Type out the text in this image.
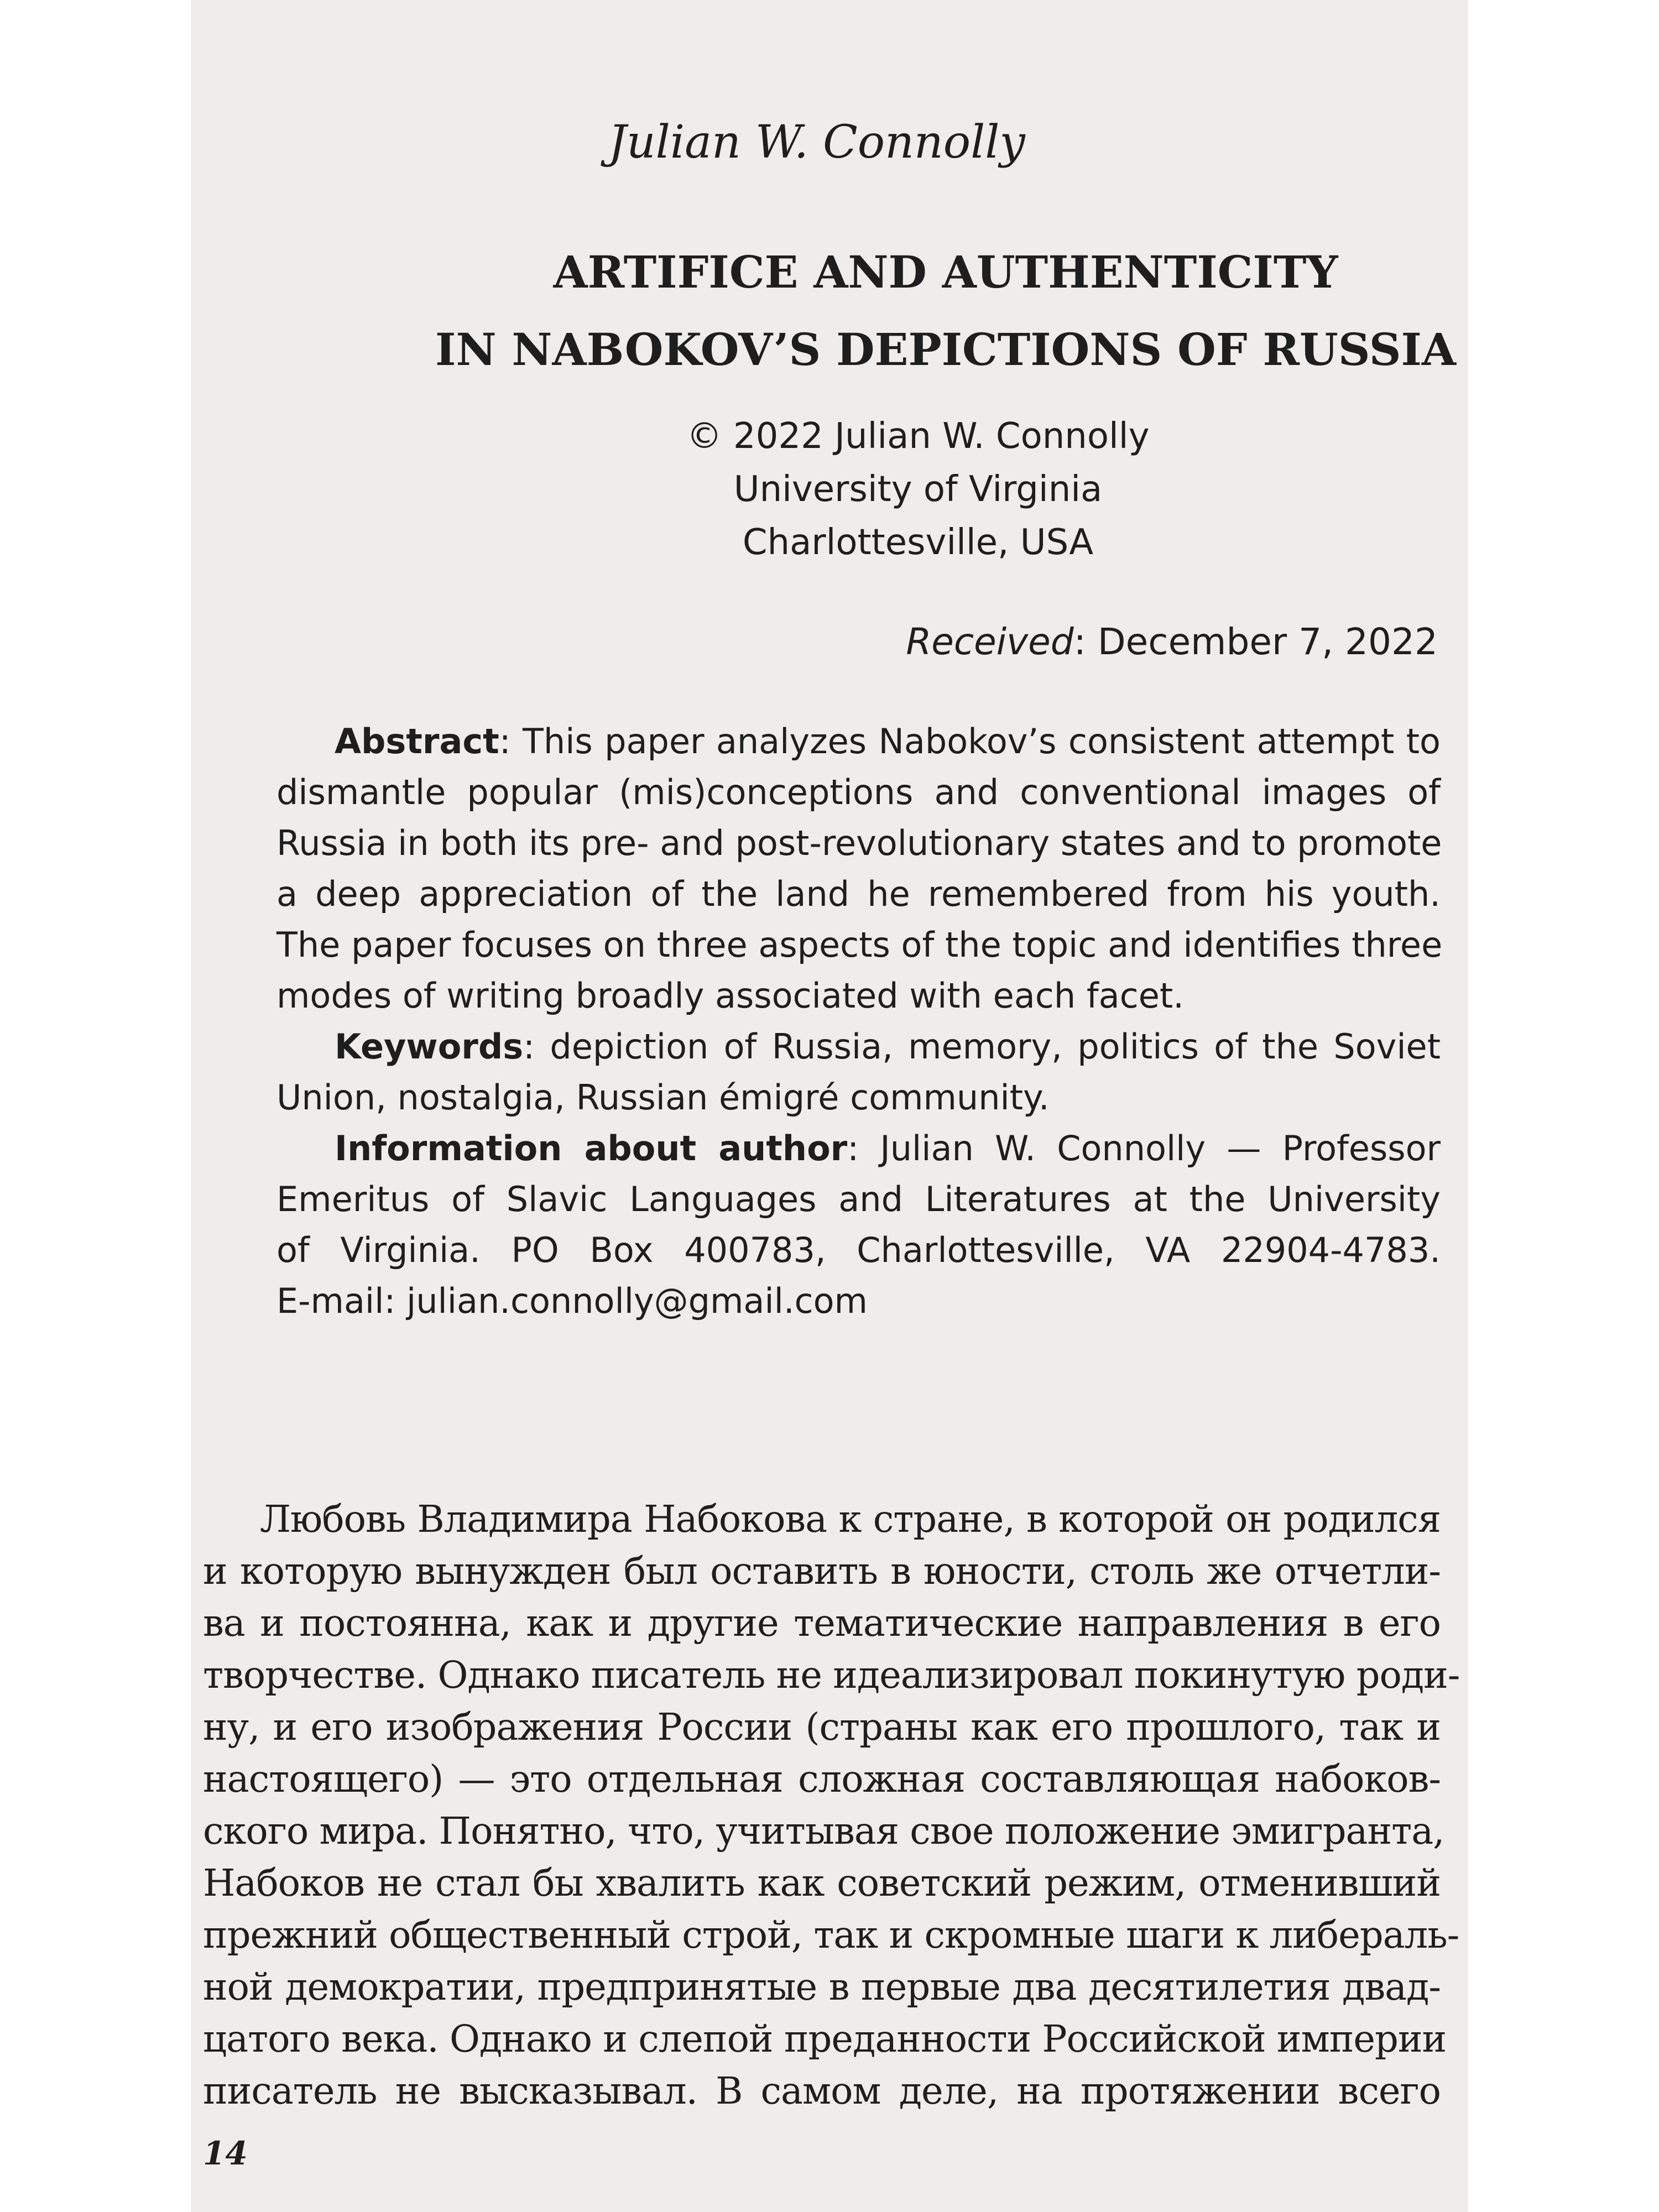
Julian W. Connolly
ARTIFICE AND AUTHENTICITY
IN NABOKOV’S DEPICTIONS OF RUSSIA
© 2022 Julian W. Connolly
University of Virginia
Charlottesville, USA
Received: December 7, 2022
Abstract: This paper analyzes Nabokov’s consistent attempt to
dismantle popular (mis)conceptions and conventional images of
Russia in both its pre- and post-revolutionary states and to promote
a deep appreciation of the land he remembered from his youth.
The paper focuses on three aspects of the topic and identifies three
modes of writing broadly associated with each facet.
Keywords: depiction of Russia, memory, politics of the Soviet
Union, nostalgia, Russian émigré community.
Information about author: Julian W. Connolly — Professor
Emeritus of Slavic Languages and Literatures at the University
of Virginia. PO Box 400783, Charlottesville, VA 22904-4783.
E-mail: julian.connolly@gmail.com
Любовь Владимира Набокова к стране, в которой он родился
и которую вынужден был оставить в юности, столь же отчетли-
ва и постоянна, как и другие тематические направления в его
творчестве. Однако писатель не идеализировал покинутую роди-
ну, и его изображения России (страны как его прошлого, так и
настоящего) — это отдельная сложная составляющая набоков-
ского мира. Понятно, что, учитывая свое положение эмигранта,
Набоков не стал бы хвалить как советский режим, отменивший
прежний общественный строй, так и скромные шаги к либераль-
ной демократии, предпринятые в первые два десятилетия двад-
цатого века. Однако и слепой преданности Российской империи
писатель не высказывал. В самом деле, на протяжении всего
14
